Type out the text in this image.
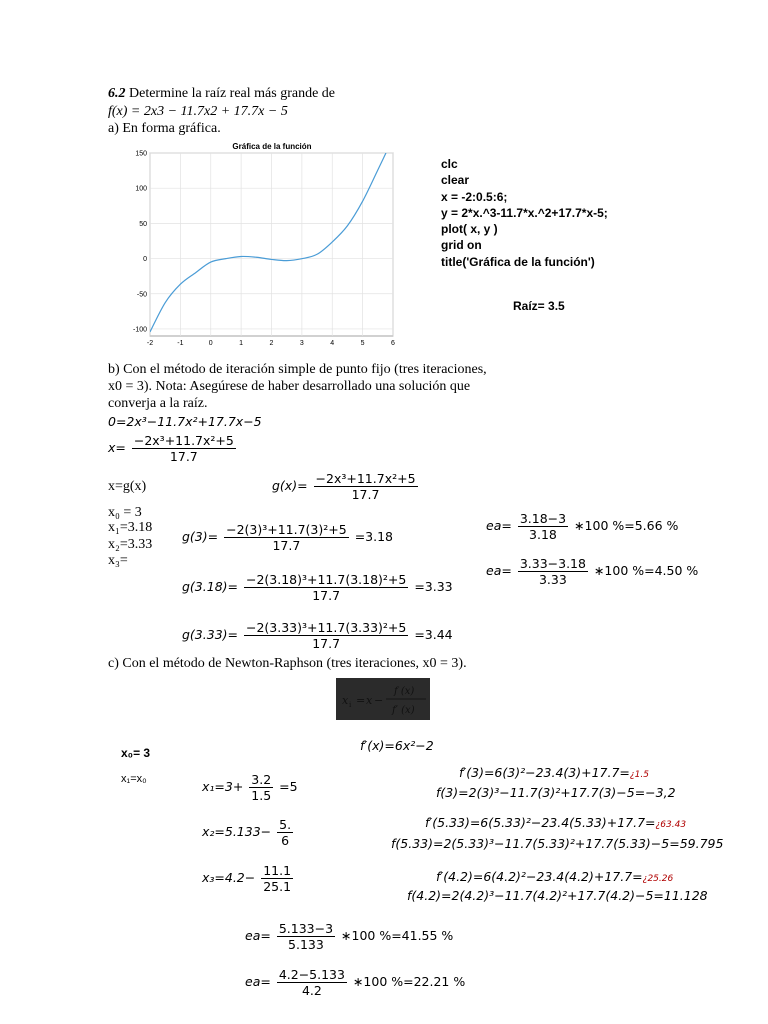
6.2 Determine la raíz real más grande de
f(x) = 2x3 − 11.7x2 + 17.7x − 5
a) En forma gráfica.
Gráfica de la función
-2	-1	0	1	2	3	4	5	6
150
100
50
0
-50
-100
clc
clear
x = -2:0.5:6;
y = 2*x.^3-11.7*x.^2+17.7*x-5;
plot( x, y )
grid on
title('Gráfica de la función')
Raíz= 3.5
b) Con el método de iteración simple de punto fijo (tres iteraciones,
x0 = 3). Nota: Asegúrese de haber desarrollado una solución que
converja a la raíz.
0=2x³−11.7x²+17.7x−5
$x= \frac{\text{−2x³+11.7x²+5}}{17.7}$
x=g(x)	$g(x)= \frac{\text{−2x³+11.7x²+5}}{17.7}$
x₀ = 3
x₁=3.18
x₂=3.33
x₃=
$g(3)= \frac{\text{−2(3)³+11.7(3)²+5}}{17.7} =3.18$
$g(3.18)= \frac{\text{−2(3.18)³+11.7(3.18)²+5}}{17.7} =3.33$
$g(3.33)= \frac{\text{−2(3.33)³+11.7(3.33)²+5}}{17.7} =3.44$
$ea= \frac{3.18-3}{3.18}$ ∗100 %=5.66 %
$ea= \frac{3.33-3.18}{3.33}$ ∗100 %=4.50 %
c) Con el método de Newton-Raphson (tres iteraciones, x0 = 3).
x i = x −
f (x)
f′ (x)
x₀= 3
x₁=x₀
f′(x)=6x²−2
$x_1=3+ \frac{3.2}{1.5} =5$
$x_2=5.133- \frac{5.}{6}$
$x_3=4.2- \frac{11.1}{25.1}$
f′(3)=6(3)²−23.4(3)+17.7=¿1.5
f(3)=2(3)³−11.7(3)²+17.7(3)−5=−3,2
f′(5.33)=6(5.33)²−23.4(5.33)+17.7=¿63.43
f(5.33)=2(5.33)³−11.7(5.33)²+17.7(5.33)−5=59.795
f′(4.2)=6(4.2)²−23.4(4.2)+17.7=¿25.26
f(4.2)=2(4.2)³−11.7(4.2)²+17.7(4.2)−5=11.128
$ea= \frac{5.133-3}{5.133}$ ∗100 %=41.55 %
$ea= \frac{4.2-5.133}{4.2}$ ∗100 %=22.21 %
